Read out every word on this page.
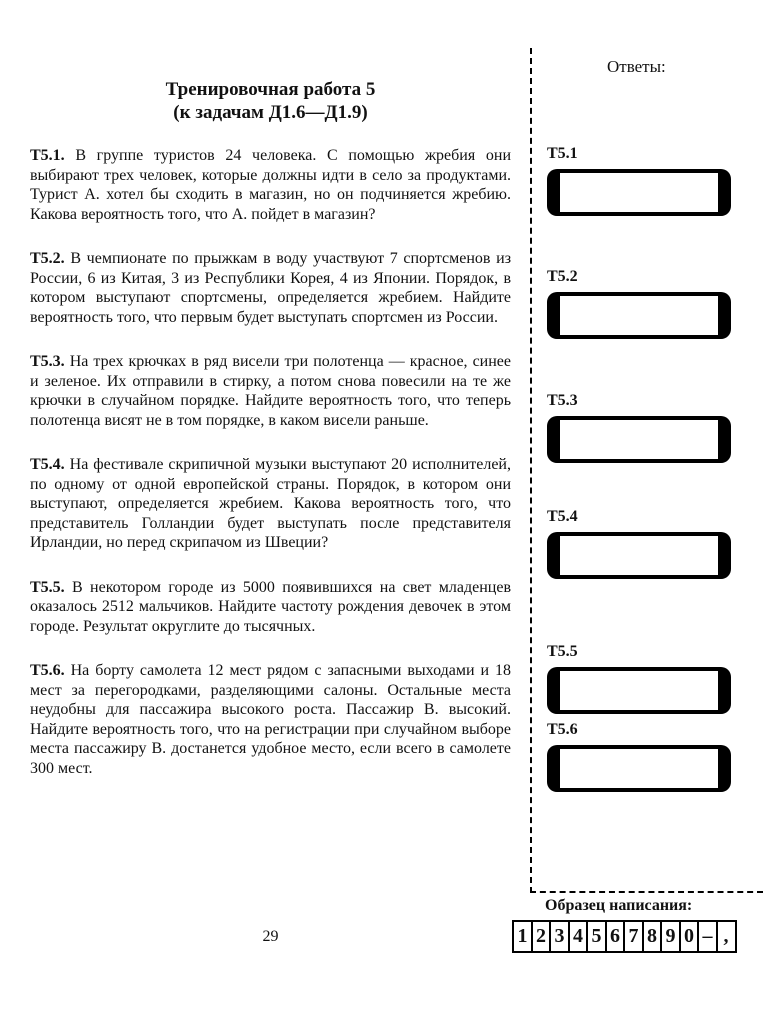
Тренировочная работа 5
(к задачам Д1.6—Д1.9)

Т5.1. В группе туристов 24 человека. С помощью жребия они выбирают трех человек, которые должны идти в село за продуктами. Турист А. хотел бы сходить в магазин, но он подчиняется жребию. Какова вероятность того, что А. пойдет в магазин?

Т5.2. В чемпионате по прыжкам в воду участвуют 7 спортсменов из России, 6 из Китая, 3 из Республики Корея, 4 из Японии. Порядок, в котором выступают спортсмены, определяется жребием. Найдите вероятность того, что первым будет выступать спортсмен из России.

Т5.3. На трех крючках в ряд висели три полотенца — красное, синее и зеленое. Их отправили в стирку, а потом снова повесили на те же крючки в случайном порядке. Найдите вероятность того, что теперь полотенца висят не в том порядке, в каком висели раньше.

Т5.4. На фестивале скрипичной музыки выступают 20 исполнителей, по одному от одной европейской страны. Порядок, в котором они выступают, определяется жребием. Какова вероятность того, что представитель Голландии будет выступать после представителя Ирландии, но перед скрипачом из Швеции?

Т5.5. В некотором городе из 5000 появившихся на свет младенцев оказалось 2512 мальчиков. Найдите частоту рождения девочек в этом городе. Результат округлите до тысячных.

Т5.6. На борту самолета 12 мест рядом с запасными выходами и 18 мест за перегородками, разделяющими салоны. Остальные места неудобны для пассажира высокого роста. Пассажир В. высокий. Найдите вероятность того, что на регистрации при случайном выборе места пассажиру В. достанется удобное место, если всего в самолете 300 мест.

29
Ответы:
Т5.1
Т5.2
Т5.3
Т5.4
Т5.5
Т5.6
Образец написания:
1 2 3 4 5 6 7 8 9 0 – ,
